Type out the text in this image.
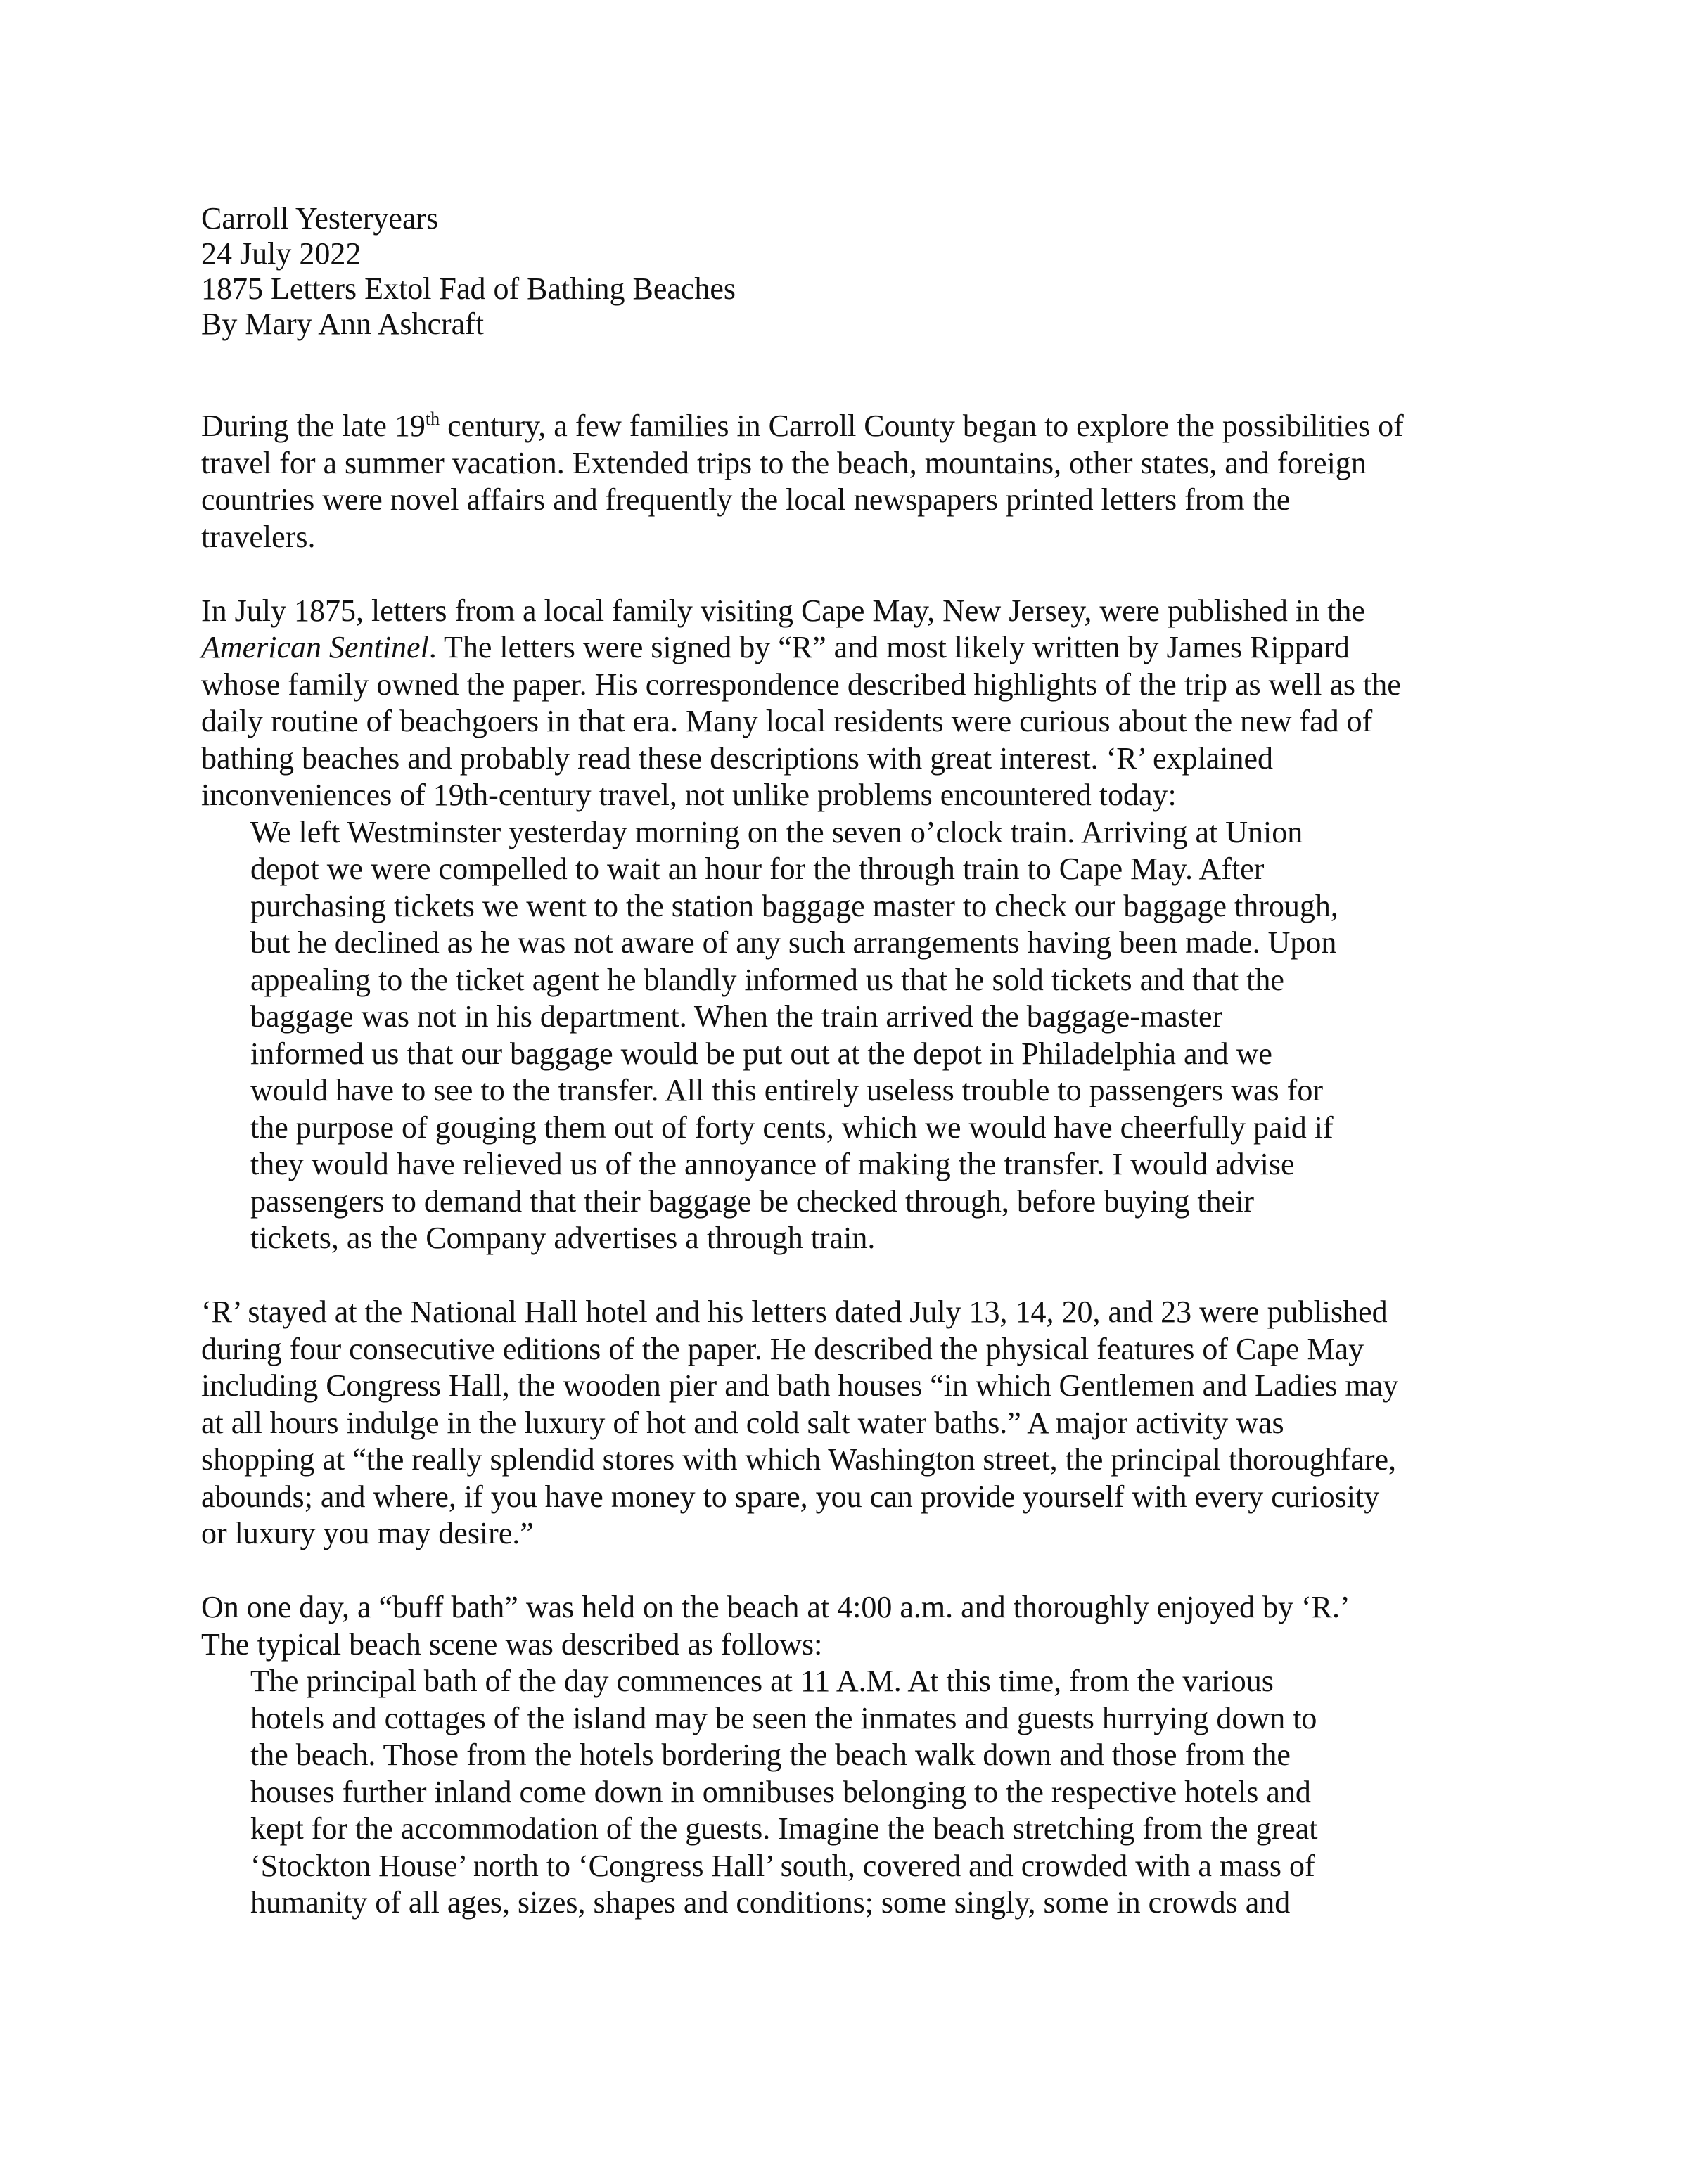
Carroll Yesteryears
24 July 2022
1875 Letters Extol Fad of Bathing Beaches
By Mary Ann Ashcraft
During the late 19th century, a few families in Carroll County began to explore the possibilities of
travel for a summer vacation. Extended trips to the beach, mountains, other states, and foreign
countries were novel affairs and frequently the local newspapers printed letters from the
travelers.
In July 1875, letters from a local family visiting Cape May, New Jersey, were published in the
American Sentinel. The letters were signed by “R” and most likely written by James Rippard
whose family owned the paper. His correspondence described highlights of the trip as well as the
daily routine of beachgoers in that era. Many local residents were curious about the new fad of
bathing beaches and probably read these descriptions with great interest. ‘R’ explained
inconveniences of 19th-century travel, not unlike problems encountered today:
We left Westminster yesterday morning on the seven o’clock train. Arriving at Union
depot we were compelled to wait an hour for the through train to Cape May. After
purchasing tickets we went to the station baggage master to check our baggage through,
but he declined as he was not aware of any such arrangements having been made. Upon
appealing to the ticket agent he blandly informed us that he sold tickets and that the
baggage was not in his department. When the train arrived the baggage-master
informed us that our baggage would be put out at the depot in Philadelphia and we
would have to see to the transfer. All this entirely useless trouble to passengers was for
the purpose of gouging them out of forty cents, which we would have cheerfully paid if
they would have relieved us of the annoyance of making the transfer. I would advise
passengers to demand that their baggage be checked through, before buying their
tickets, as the Company advertises a through train.
‘R’ stayed at the National Hall hotel and his letters dated July 13, 14, 20, and 23 were published
during four consecutive editions of the paper. He described the physical features of Cape May
including Congress Hall, the wooden pier and bath houses “in which Gentlemen and Ladies may
at all hours indulge in the luxury of hot and cold salt water baths.” A major activity was
shopping at “the really splendid stores with which Washington street, the principal thoroughfare,
abounds; and where, if you have money to spare, you can provide yourself with every curiosity
or luxury you may desire.”
On one day, a “buff bath” was held on the beach at 4:00 a.m. and thoroughly enjoyed by ‘R.’
The typical beach scene was described as follows:
The principal bath of the day commences at 11 A.M. At this time, from the various
hotels and cottages of the island may be seen the inmates and guests hurrying down to
the beach. Those from the hotels bordering the beach walk down and those from the
houses further inland come down in omnibuses belonging to the respective hotels and
kept for the accommodation of the guests. Imagine the beach stretching from the great
‘Stockton House’ north to ‘Congress Hall’ south, covered and crowded with a mass of
humanity of all ages, sizes, shapes and conditions; some singly, some in crowds and
